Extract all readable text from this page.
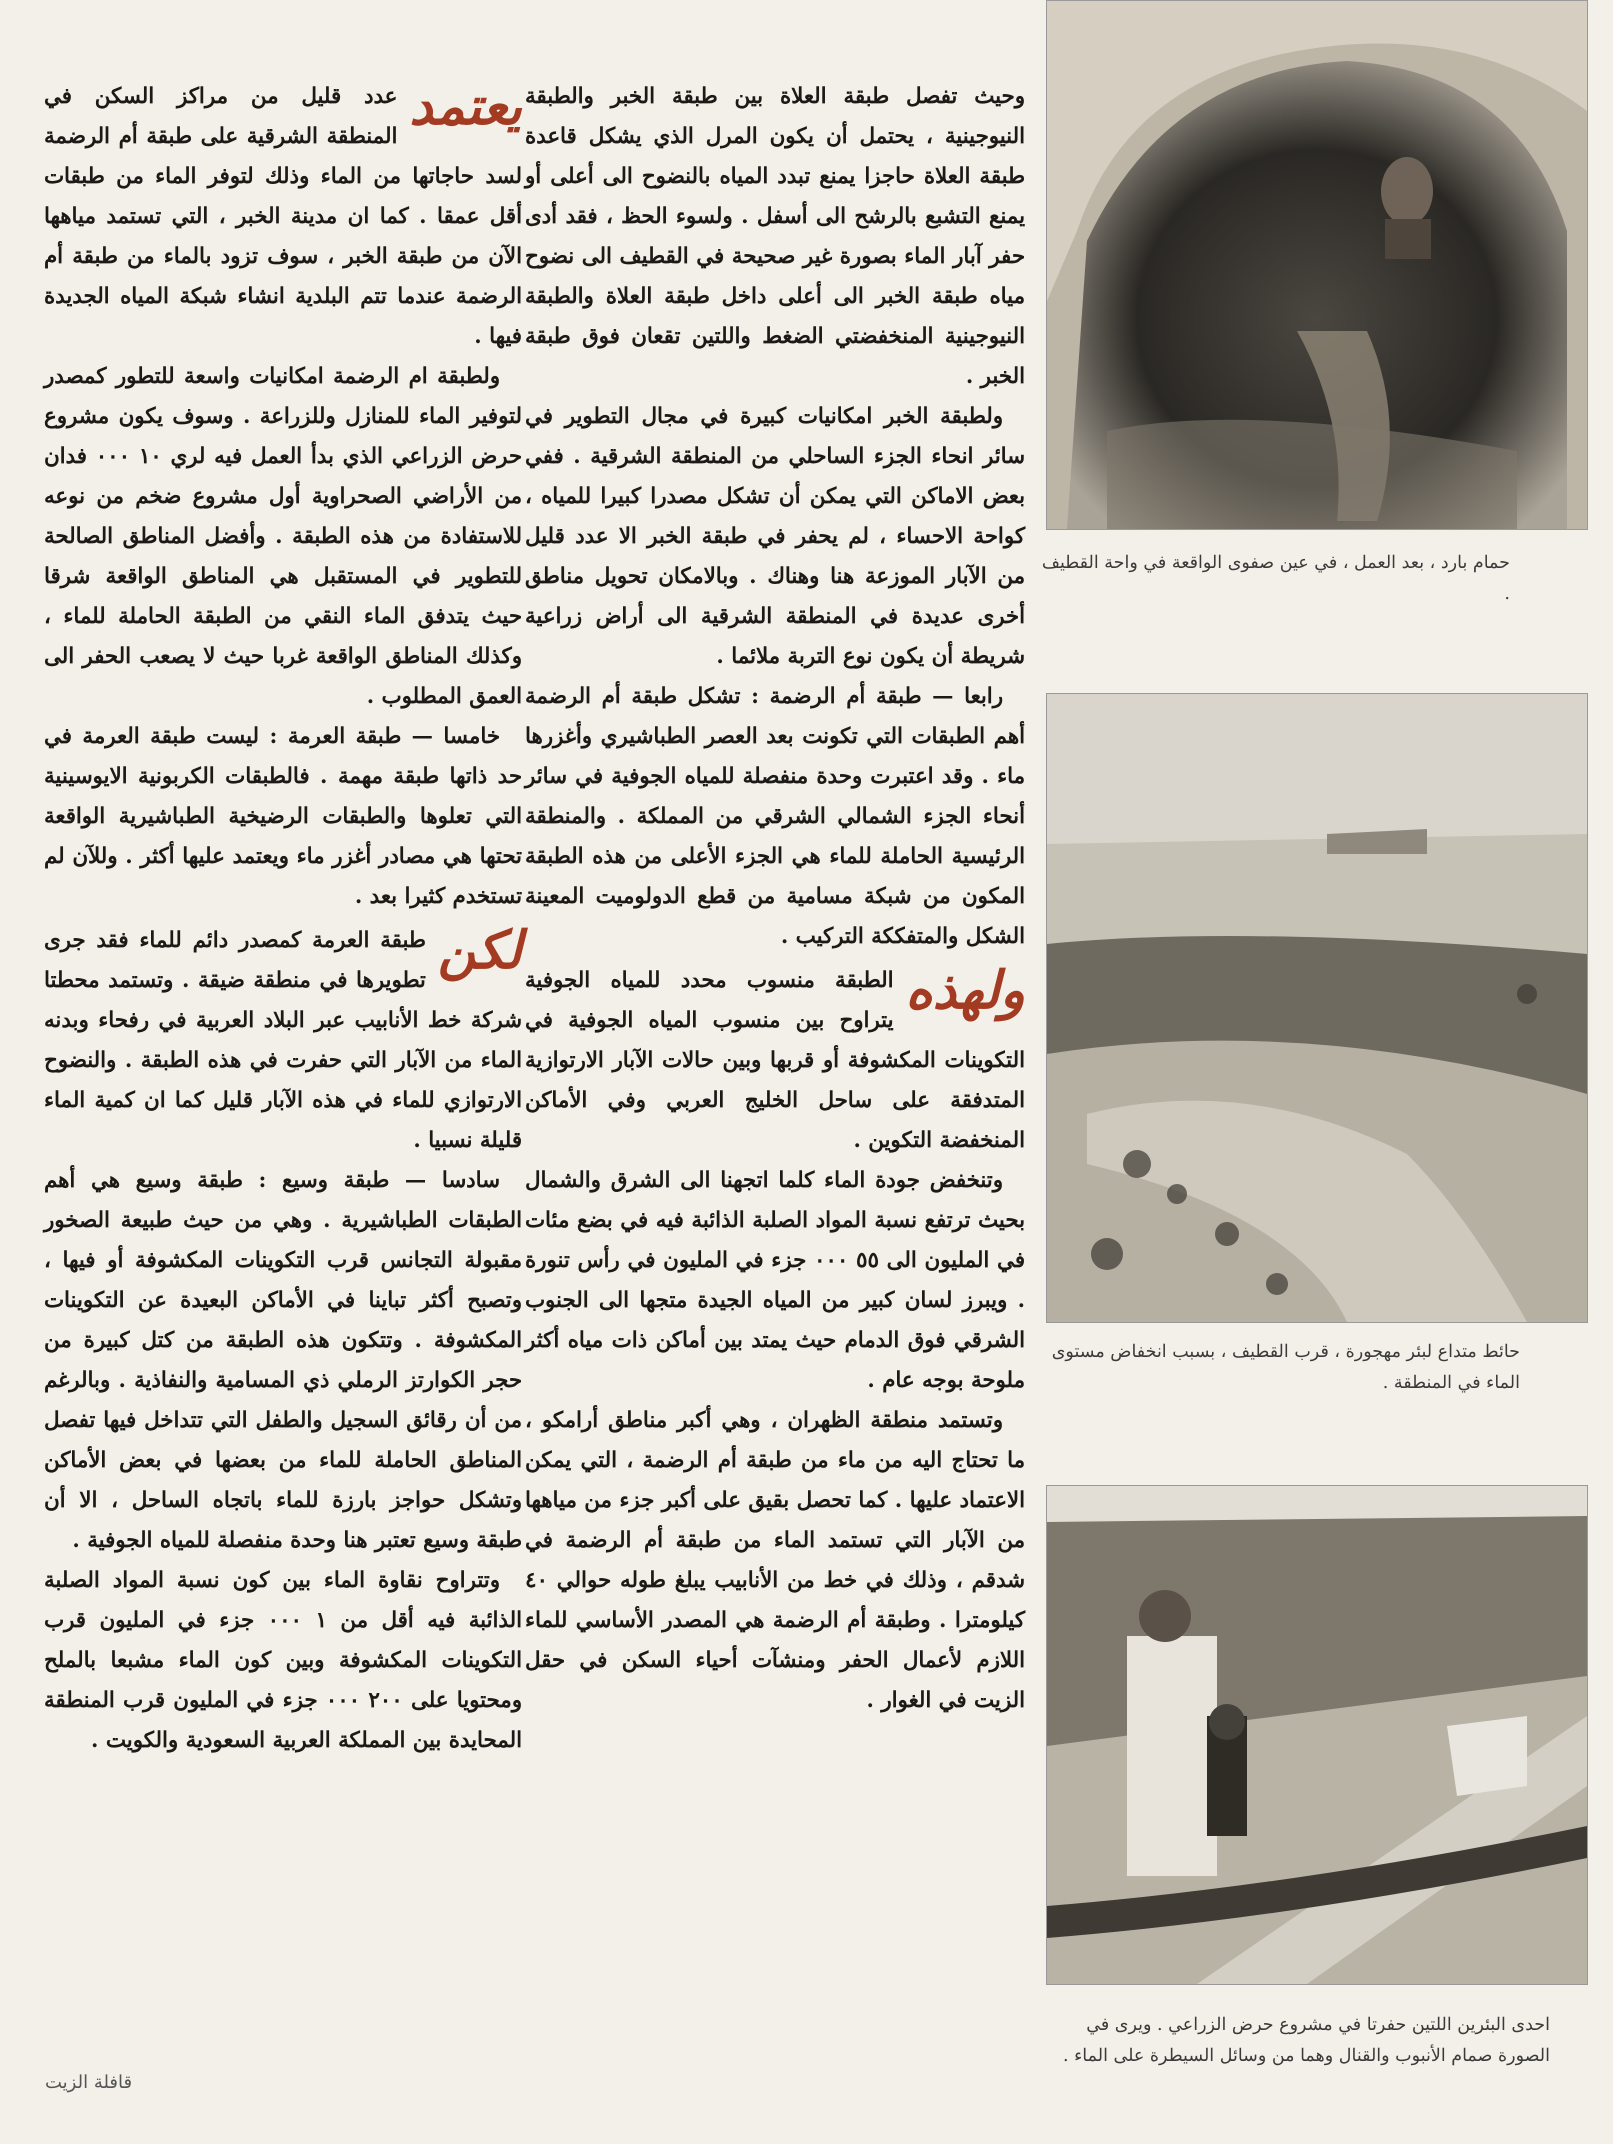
حمام بارد ، بعد العمل ، في عين صفوى الواقعة في واحة القطيف .
حائط متداع لبئر مهجورة ، قرب القطيف ، بسبب انخفاض مستوى الماء في المنطقة .
احدى البئرين اللتين حفرتا في مشروع حرض الزراعي . ويرى في الصورة صمام الأنبوب والقنال وهما من وسائل السيطرة على الماء .

وحيث تفصل طبقة العلاة بين طبقة الخبر والطبقة النيوجينية ، يحتمل أن يكون المرل الذي يشكل قاعدة طبقة العلاة حاجزا يمنع تبدد المياه بالنضوح الى أعلى أو يمنع التشبع بالرشح الى أسفل . ولسوء الحظ ، فقد أدى حفر آبار الماء بصورة غير صحيحة في القطيف الى نضوح مياه طبقة الخبر الى أعلى داخل طبقة العلاة والطبقة النيوجينية المنخفضتي الضغط واللتين تقعان فوق طبقة الخبر .

ولطبقة الخبر امكانيات كبيرة في مجال التطوير في سائر انحاء الجزء الساحلي من المنطقة الشرقية . ففي بعض الاماكن التي يمكن أن تشكل مصدرا كبيرا للمياه ، كواحة الاحساء ، لم يحفر في طبقة الخبر الا عدد قليل من الآبار الموزعة هنا وهناك . وبالامكان تحويل مناطق أخرى عديدة في المنطقة الشرقية الى أراض زراعية شريطة أن يكون نوع التربة ملائما .

رابعا — طبقة أم الرضمة : تشكل طبقة أم الرضمة أهم الطبقات التي تكونت بعد العصر الطباشيري وأغزرها ماء . وقد اعتبرت وحدة منفصلة للمياه الجوفية في سائر أنحاء الجزء الشمالي الشرقي من المملكة . والمنطقة الرئيسية الحاملة للماء هي الجزء الأعلى من هذه الطبقة المكون من شبكة مسامية من قطع الدولوميت المعينة الشكل والمتفككة التركيب .

ولهذه
الطبقة منسوب محدد للمياه الجوفية يتراوح بين منسوب المياه الجوفية في التكوينات المكشوفة أو قربها وبين حالات الآبار الارتوازية المتدفقة على ساحل الخليج العربي وفي الأماكن المنخفضة التكوين .

وتنخفض جودة الماء كلما اتجهنا الى الشرق والشمال بحيث ترتفع نسبة المواد الصلبة الذائبة فيه في بضع مئات في المليون الى ٥٥ ٠٠٠ جزء في المليون في رأس تنورة . ويبرز لسان كبير من المياه الجيدة متجها الى الجنوب الشرقي فوق الدمام حيث يمتد بين أماكن ذات مياه أكثر ملوحة بوجه عام .

وتستمد منطقة الظهران ، وهي أكبر مناطق أرامكو ، ما تحتاج اليه من ماء من طبقة أم الرضمة ، التي يمكن الاعتماد عليها . كما تحصل بقيق على أكبر جزء من مياهها من الآبار التي تستمد الماء من طبقة أم الرضمة في شدقم ، وذلك في خط من الأنابيب يبلغ طوله حوالي ٤٠ كيلومترا . وطبقة أم الرضمة هي المصدر الأساسي للماء اللازم لأعمال الحفر ومنشآت أحياء السكن في حقل الزيت في الغوار .

يعتمد
عدد قليل من مراكز السكن في المنطقة الشرقية على طبقة أم الرضمة لسد حاجاتها من الماء وذلك لتوفر الماء من طبقات أقل عمقا . كما ان مدينة الخبر ، التي تستمد مياهها الآن من طبقة الخبر ، سوف تزود بالماء من طبقة أم الرضمة عندما تتم البلدية انشاء شبكة المياه الجديدة فيها .

ولطبقة ام الرضمة امكانيات واسعة للتطور كمصدر لتوفير الماء للمنازل وللزراعة . وسوف يكون مشروع حرض الزراعي الذي بدأ العمل فيه لري ١٠ ٠٠٠ فدان من الأراضي الصحراوية أول مشروع ضخم من نوعه للاستفادة من هذه الطبقة . وأفضل المناطق الصالحة للتطوير في المستقبل هي المناطق الواقعة شرقا حيث يتدفق الماء النقي من الطبقة الحاملة للماء ، وكذلك المناطق الواقعة غربا حيث لا يصعب الحفر الى العمق المطلوب .

خامسا — طبقة العرمة : ليست طبقة العرمة في حد ذاتها طبقة مهمة . فالطبقات الكربونية الايوسينية التي تعلوها والطبقات الرضيخية الطباشيرية الواقعة تحتها هي مصادر أغزر ماء ويعتمد عليها أكثر . وللآن لم تستخدم كثيرا بعد .

لكن
طبقة العرمة كمصدر دائم للماء فقد جرى تطويرها في منطقة ضيقة . وتستمد محطتا شركة خط الأنابيب عبر البلاد العربية في رفحاء وبدنه الماء من الآبار التي حفرت في هذه الطبقة . والنضوح الارتوازي للماء في هذه الآبار قليل كما ان كمية الماء قليلة نسبيا .

سادسا — طبقة وسيع : طبقة وسيع هي أهم الطبقات الطباشيرية . وهي من حيث طبيعة الصخور مقبولة التجانس قرب التكوينات المكشوفة أو فيها ، وتصبح أكثر تباينا في الأماكن البعيدة عن التكوينات المكشوفة . وتتكون هذه الطبقة من كتل كبيرة من حجر الكوارتز الرملي ذي المسامية والنفاذية . وبالرغم من أن رقائق السجيل والطفل التي تتداخل فيها تفصل المناطق الحاملة للماء من بعضها في بعض الأماكن وتشكل حواجز بارزة للماء باتجاه الساحل ، الا أن طبقة وسيع تعتبر هنا وحدة منفصلة للمياه الجوفية .

وتتراوح نقاوة الماء بين كون نسبة المواد الصلبة الذائبة فيه أقل من ١ ٠٠٠ جزء في المليون قرب التكوينات المكشوفة وبين كون الماء مشبعا بالملح ومحتويا على ٢٠٠ ٠٠٠ جزء في المليون قرب المنطقة المحايدة بين المملكة العربية السعودية والكويت .

قافلة الزيت
